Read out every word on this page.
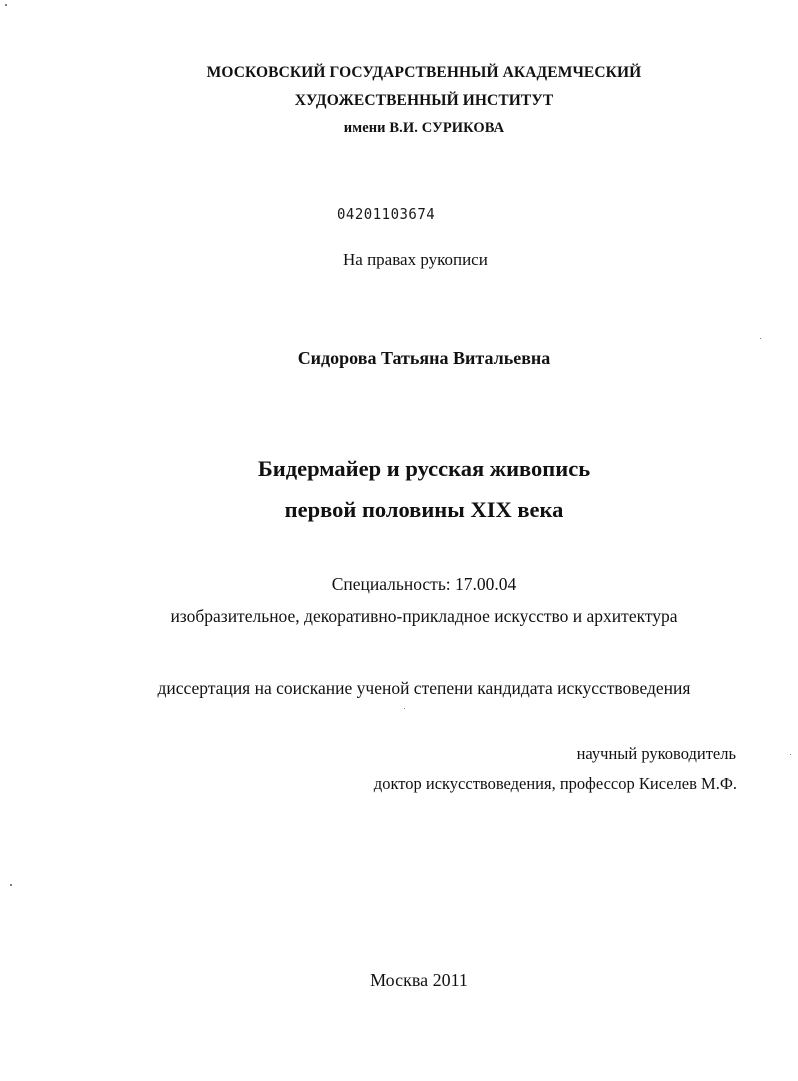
МОСКОВСКИЙ ГОСУДАРСТВЕННЫЙ АКАДЕМЧЕСКИЙ
ХУДОЖЕСТВЕННЫЙ ИНСТИТУТ
имени В.И. СУРИКОВА
04201103674
На правах рукописи
Сидорова Татьяна Витальевна
Бидермайер и русская живопись
первой половины XIX века
Специальность: 17.00.04
изобразительное, декоративно-прикладное искусство и архитектура
диссертация на соискание ученой степени кандидата искусствоведения
научный руководитель
доктор искусствоведения, профессор Киселев М.Ф.
Москва 2011
